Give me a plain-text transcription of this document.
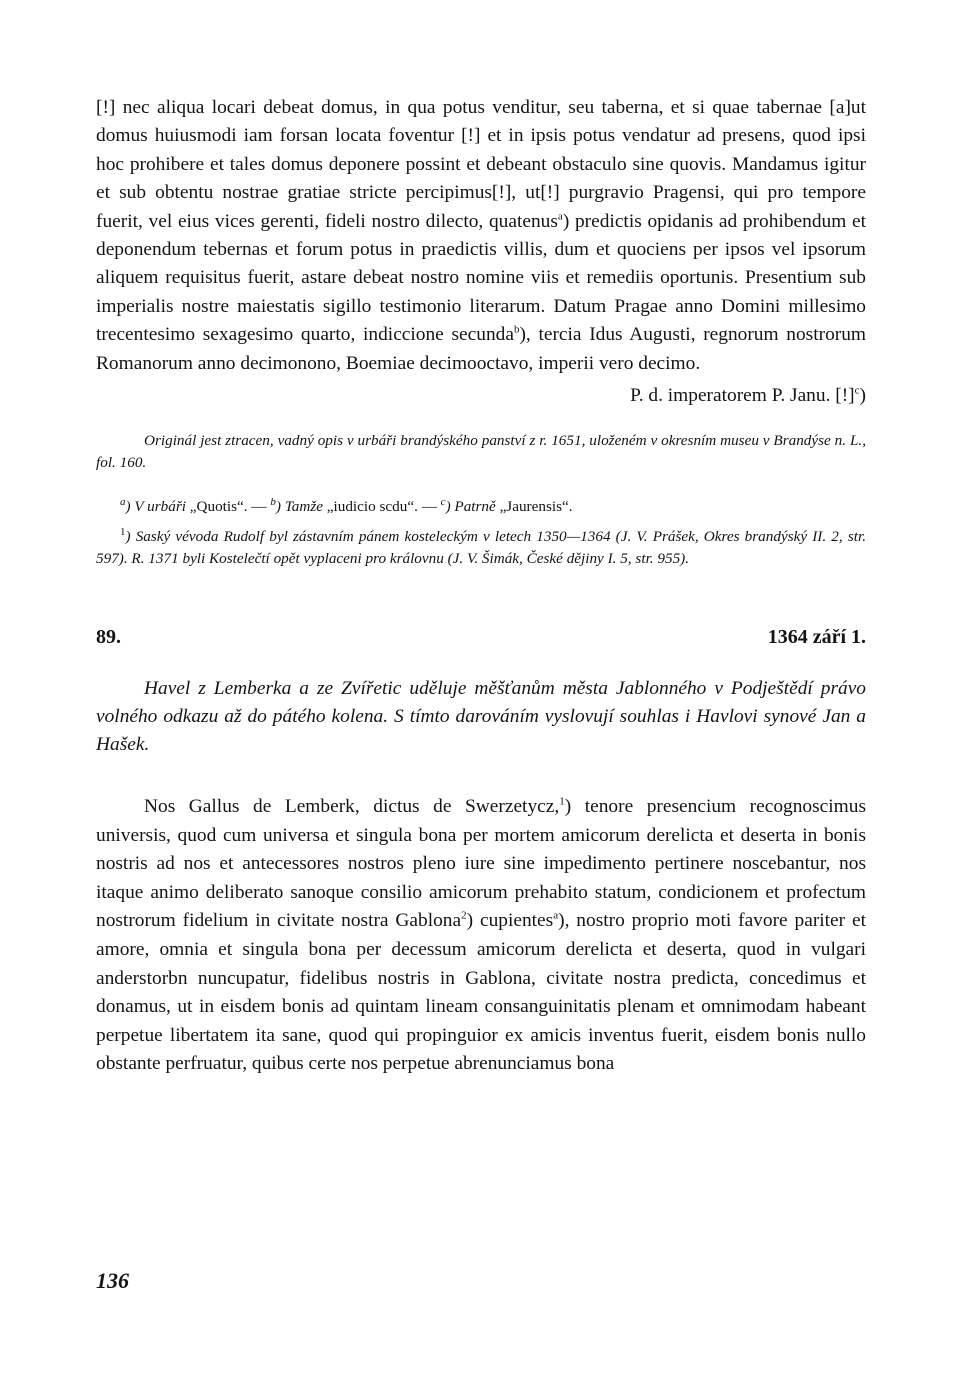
[!] nec aliqua locari debeat domus, in qua potus venditur, seu taberna, et si quae tabernae [a]ut domus huiusmodi iam forsan locata foventur [!] et in ipsis potus vendatur ad presens, quod ipsi hoc prohibere et tales domus deponere possint et debeant obstaculo sine quovis. Mandamus igitur et sub obtentu nostrae gratiae stricte percipimus[!], ut[!] purgravio Pragensi, qui pro tempore fuerit, vel eius vices gerenti, fideli nostro dilecto, quatenus$^a$) predictis opidanis ad prohibendum et deponendum tebernas et forum potus in praedictis villis, dum et quociens per ipsos vel ipsorum aliquem requisitus fuerit, astare debeat nostro nomine viis et remediis oportunis. Presentium sub imperialis nostre maiestatis sigillo testimonio literarum. Datum Pragae anno Domini millesimo trecentesimo sexagesimo quarto, indiccione secunda$^b$), tercia Idus Augusti, regnorum nostrorum Romanorum anno decimonono, Boemiae decimooctavo, imperii vero decimo.

P. d. imperatorem P. Janu. [!]$^c$)
Originál jest ztracen, vadný opis v urbáři brandýského panství z r. 1651, uloženém v okresním museu v Brandýse n. L., fol. 160.

$^a$) V urbáři „Quotis“. — $^b$) Tamže „iudicio scdu“. — $^c$) Patrně „Jaurensis“.

$^1$) Saský vévoda Rudolf byl zástavním pánem kosteleckým v letech 1350—1364 (J. V. Prášek, Okres brandýský II. 2, str. 597). R. 1371 byli Kostelečtí opět vyplaceni pro královnu (J. V. Šimák, České dějiny I. 5, str. 955).

89.	1364 září 1.
Havel z Lemberka a ze Zvířetic uděluje měšťanům města Jablonného v Podještědí právo volného odkazu až do pátého kolena. S tímto darováním vyslovují souhlas i Havlovi synové Jan a Hašek.
Nos Gallus de Lemberk, dictus de Swerzetycz,$^1$) tenore presencium recognoscimus universis, quod cum universa et singula bona per mortem amicorum derelicta et deserta in bonis nostris ad nos et antecessores nostros pleno iure sine impedimento pertinere noscebantur, nos itaque animo deliberato sanoque consilio amicorum prehabito statum, condicionem et profectum nostrorum fidelium in civitate nostra Gablona$^2$) cupientes$^a$), nostro proprio moti favore pariter et amore, omnia et singula bona per decessum amicorum derelicta et deserta, quod in vulgari anderstorbn nuncupatur, fidelibus nostris in Gablona, civitate nostra predicta, concedimus et donamus, ut in eisdem bonis ad quintam lineam consanguinitatis plenam et omnimodam habeant perpetue libertatem ita sane, quod qui propinguior ex amicis inventus fuerit, eisdem bonis nullo obstante perfruatur, quibus certe nos perpetue abrenunciamus bona
136
